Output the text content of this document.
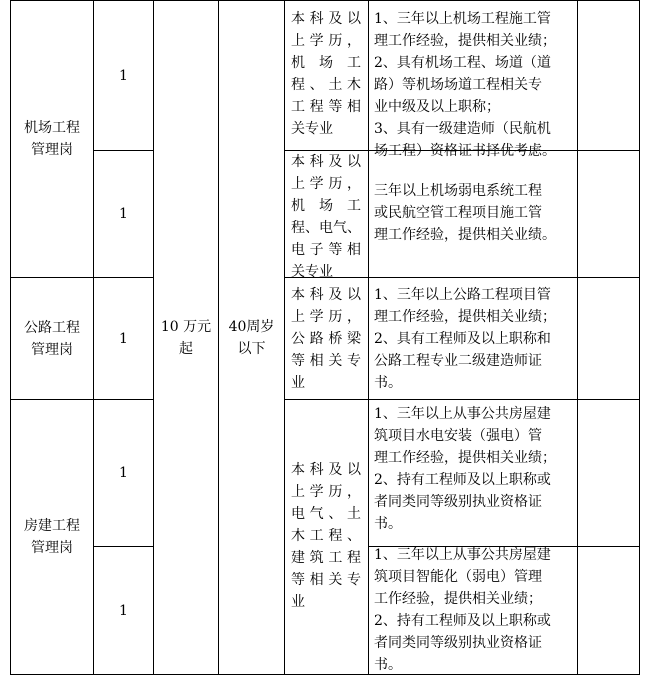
机场工程
管理岗
公路工程
管理岗
房建工程
管理岗
1
1
1
1
1
10 万元
起
40周岁
以下
本科及以
上学历，
机 场 工
程 、 土 木
工程等相
关专业
本科及以
上学历，
机 场 工
程、电气、
电子等相
关专业
本科及以
上学历，
公路桥梁
等相关专
业
本科及以
上学历，
电气、土
木工程、
建筑工程
等相关专
业
1、三年以上机场工程施工管
理工作经验，提供相关业绩；
2、具有机场工程、场道（道
路）等机场场道工程相关专
业中级及以上职称；
3、具有一级建造师（民航机
场工程）资格证书择优考虑。
三年以上机场弱电系统工程
或民航空管工程项目施工管
理工作经验，提供相关业绩。
1、三年以上公路工程项目管
理工作经验，提供相关业绩；
2、具有工程师及以上职称和
公路工程专业二级建造师证
书。
1、三年以上从事公共房屋建
筑项目水电安装（强电）管
理工作经验，提供相关业绩；
2、持有工程师及以上职称或
者同类同等级别执业资格证
书。
1、三年以上从事公共房屋建
筑项目智能化（弱电）管理
工作经验，提供相关业绩；
2、持有工程师及以上职称或
者同类同等级别执业资格证
书。
